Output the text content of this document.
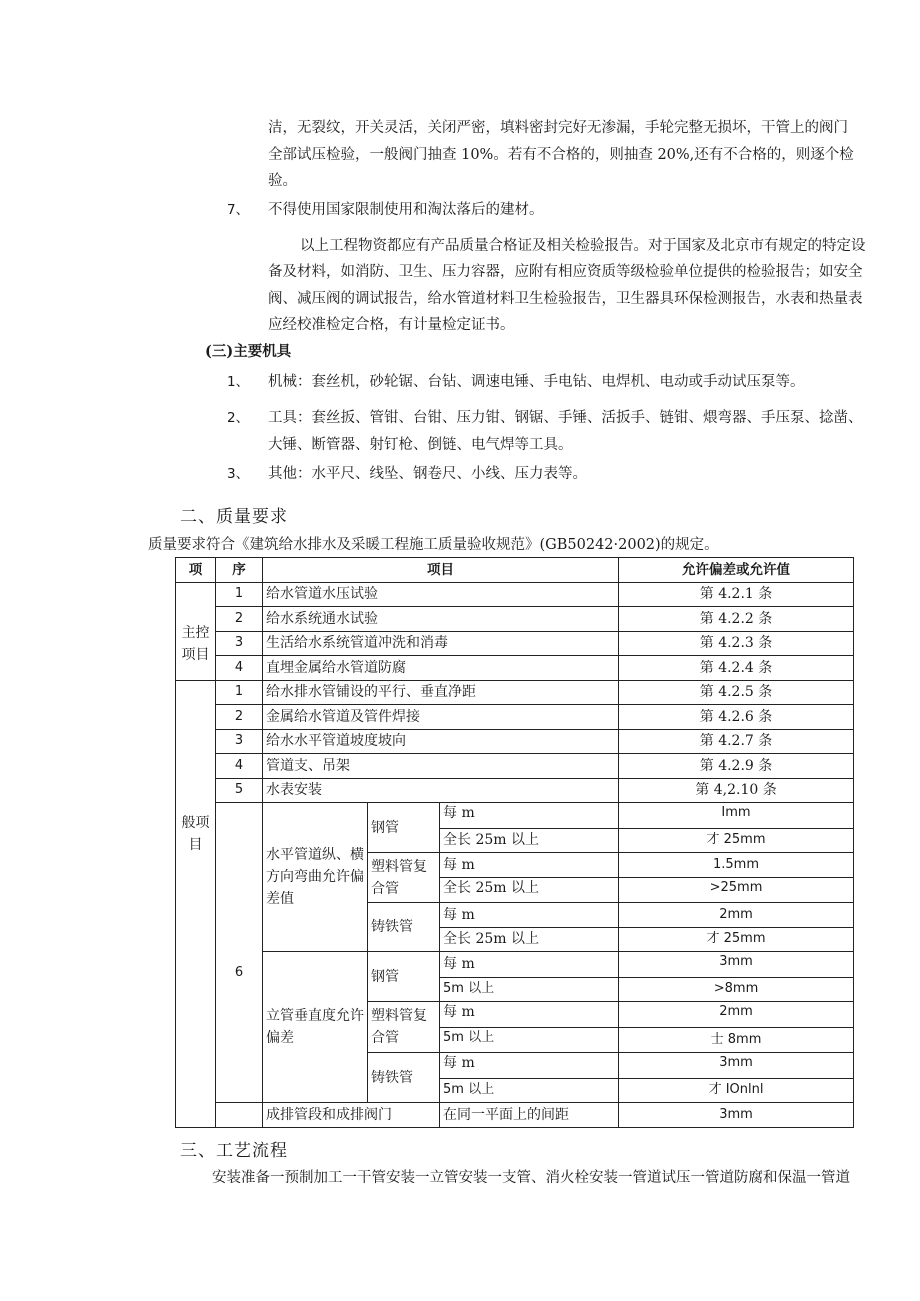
洁，无裂纹，开关灵活，关闭严密，填料密封完好无渗漏，手轮完整无损坏，干管上的阀门
全部试压检验，一般阀门抽查 10%。若有不合格的，则抽查 20%,还有不合格的，则逐个检
验。
7、 不得使用国家限制使用和淘汰落后的建材。
以上工程物资都应有产品质量合格证及相关检验报告。对于国家及北京市有规定的特定设
备及材料，如消防、卫生、压力容器，应附有相应资质等级检验单位提供的检验报告；如安全
阀、减压阀的调试报告，给水管道材料卫生检验报告，卫生器具环保检测报告，水表和热量表
应经校准检定合格，有计量检定证书。
(三)主要机具
1、 机械：套丝机，砂轮锯、台钻、调速电锤、手电钻、电焊机、电动或手动试压泵等。
2、 工具：套丝扳、管钳、台钳、压力钳、钢锯、手锤、活扳手、链钳、煨弯器、手压泵、捻凿、
大锤、断管器、射钉枪、倒链、电气焊等工具。
3、 其他：水平尺、线坠、钢卷尺、小线、压力表等。
二、质量要求
质量要求符合《建筑给水排水及采暖工程施工质量验收规范》(GB50242·2002)的规定。
项	序	项目			允许偏差或允许值
主控项目	1	给水管道水压试验			第 4.2.1 条
	2	给水系统通水试验			第 4.2.2 条
	3	生活给水系统管道冲洗和消毒			第 4.2.3 条
	4	直埋金属给水管道防腐			第 4.2.4 条
般项目	1	给水排水管铺设的平行、垂直净距			第 4.2.5 条
	2	金属给水管道及管件焊接			第 4.2.6 条
	3	给水水平管道坡度坡向			第 4.2.7 条
	4	管道支、吊架			第 4.2.9 条
	5	水表安装			第 4,2.10 条
	6	水平管道纵、横方向弯曲允许偏差值	钢管	每 m	Imm
				全长 25m 以上	才 25mm
			塑料管复合管	每 m	1.5mm
				全长 25m 以上	>25mm
			铸铁管	每 m	2mm
				全长 25m 以上	才 25mm
		立管垂直度允许偏差	钢管	每 m	3mm
				5m 以上	>8mm
			塑料管复合管	每 m	2mm
				5m 以上	士 8mm
			铸铁管	每 m	3mm
				5m 以上	才 IOnlnl
		成排管段和成排阀门		在同一平面上的间距	3mm
三、工艺流程
安装准备一预制加工一干管安装一立管安装一支管、消火栓安装一管道试压一管道防腐和保温一管道
